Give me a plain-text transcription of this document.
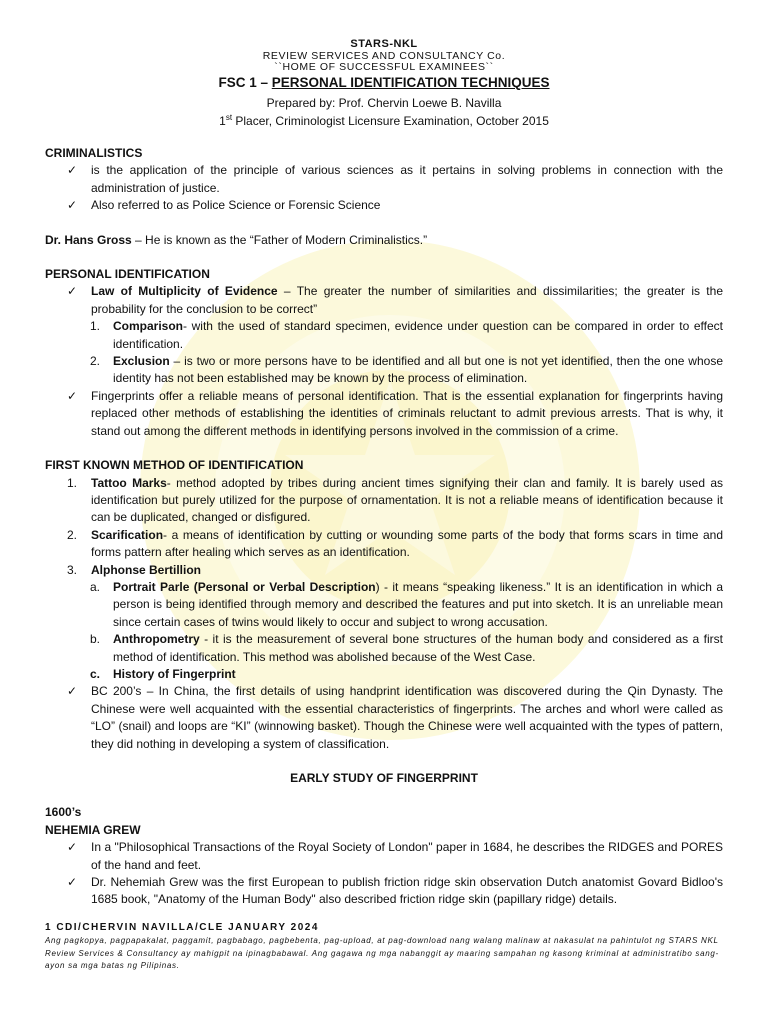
STARS-NKL
REVIEW SERVICES AND CONSULTANCY Co.
``HOME OF SUCCESSFUL EXAMINEES``
FSC 1 – PERSONAL IDENTIFICATION TECHNIQUES
Prepared by: Prof. Chervin Loewe B. Navilla
1st Placer, Criminologist Licensure Examination, October 2015
CRIMINALISTICS
✓	is the application of the principle of various sciences as it pertains in solving problems in connection with the administration of justice.
✓	Also referred to as Police Science or Forensic Science
Dr. Hans Gross – He is known as the “Father of Modern Criminalistics.”
PERSONAL IDENTIFICATION
✓	Law of Multiplicity of Evidence – The greater the number of similarities and dissimilarities; the greater is the probability for the conclusion to be correct”
1. Comparison- with the used of standard specimen, evidence under question can be compared in order to effect identification.
2. Exclusion – is two or more persons have to be identified and all but one is not yet identified, then the one whose identity has not been established may be known by the process of elimination.
✓	Fingerprints offer a reliable means of personal identification. That is the essential explanation for fingerprints having replaced other methods of establishing the identities of criminals reluctant to admit previous arrests. That is why, it stand out among the different methods in identifying persons involved in the commission of a crime.
FIRST KNOWN METHOD OF IDENTIFICATION
1.	Tattoo Marks- method adopted by tribes during ancient times signifying their clan and family. It is barely used as identification but purely utilized for the purpose of ornamentation. It is not a reliable means of identification because it can be duplicated, changed or disfigured.
2.	Scarification- a means of identification by cutting or wounding some parts of the body that forms scars in time and forms pattern after healing which serves as an identification.
3.	Alphonse Bertillion
a. Portrait Parle (Personal or Verbal Description) - it means “speaking likeness.” It is an identification in which a person is being identified through memory and described the features and put into sketch. It is an unreliable mean since certain cases of twins would likely to occur and subject to wrong accusation.
b. Anthropometry - it is the measurement of several bone structures of the human body and considered as a first method of identification. This method was abolished because of the West Case.
c. History of Fingerprint
✓	BC 200’s – In China, the first details of using handprint identification was discovered during the Qin Dynasty. The Chinese were well acquainted with the essential characteristics of fingerprints. The arches and whorl were called as “LO” (snail) and loops are “KI” (winnowing basket). Though the Chinese were well acquainted with the types of pattern, they did nothing in developing a system of classification.
EARLY STUDY OF FINGERPRINT
1600’s
NEHEMIA GREW
✓	In a "Philosophical Transactions of the Royal Society of London" paper in 1684, he describes the RIDGES and PORES of the hand and feet.
✓	Dr. Nehemiah Grew was the first European to publish friction ridge skin observation Dutch anatomist Govard Bidloo's 1685 book, "Anatomy of the Human Body" also described friction ridge skin (papillary ridge) details.
1 CDI/CHERVIN NAVILLA/CLE JANUARY 2024
Ang pagkopya, pagpapakalat, paggamit, pagbabago, pagbebenta, pag-upload, at pag-download nang walang malinaw at nakasulat na pahintulot ng STARS NKL Review Services & Consultancy ay mahigpit na ipinagbabawal. Ang gagawa ng mga nabanggit ay maaring sampahan ng kasong kriminal at administratibo sang-ayon sa mga batas ng Pilipinas.
